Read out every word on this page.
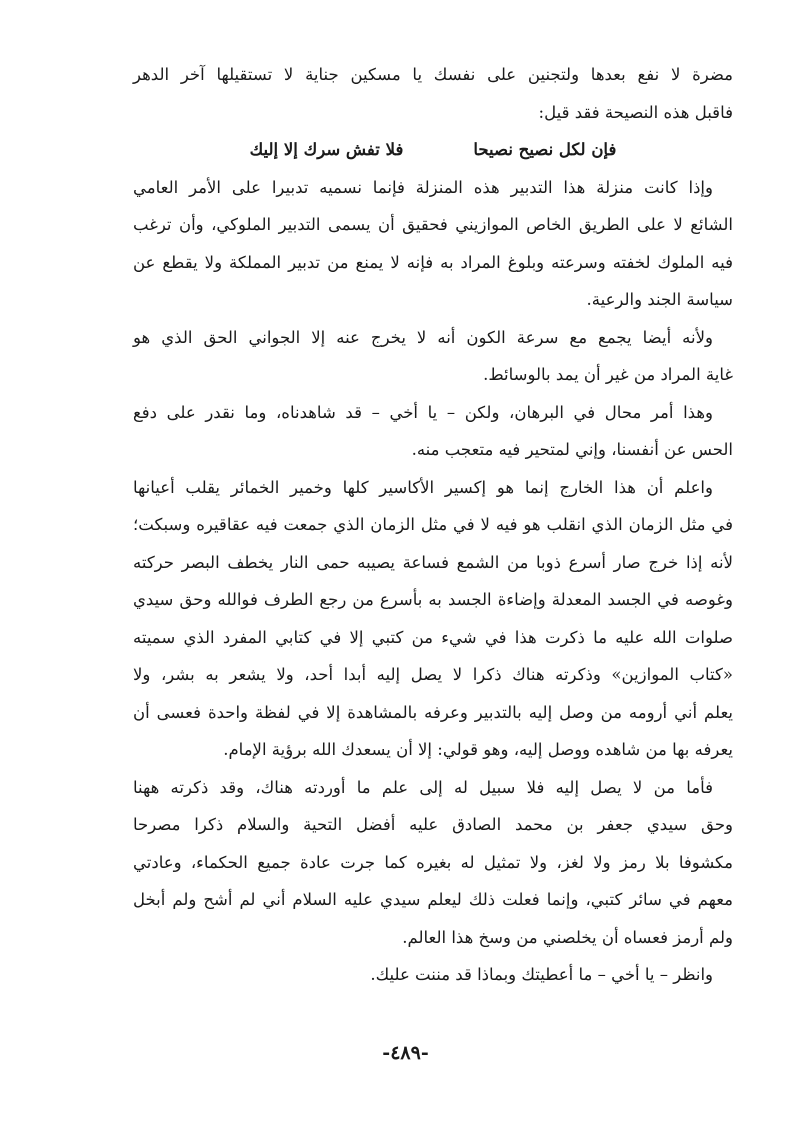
مضرة لا نفع بعدها ولتجنين على نفسك يا مسكين جناية لا تستقيلها آخر الدهر
فاقبل هذه النصيحة فقد قيل:
فإن لكل نصيح نصيحا
فلا تفش سرك إلا إليك
وإذا كانت منزلة هذا التدبير هذه المنزلة فإنما نسميه تدبيرا على الأمر العامي
الشائع لا على الطريق الخاص الموازيني فحقيق أن يسمى التدبير الملوكي، وأن ترغب
فيه الملوك لخفته وسرعته وبلوغ المراد به فإنه لا يمنع من تدبير المملكة ولا يقطع عن
سياسة الجند والرعية.
ولأنه أيضا يجمع مع سرعة الكون أنه لا يخرج عنه إلا الجواني الحق الذي هو
غاية المراد من غير أن يمد بالوسائط.
وهذا أمر محال في البرهان، ولكن – يا أخي – قد شاهدناه، وما نقدر على دفع
الحس عن أنفسنا، وإني لمتحير فيه متعجب منه.
واعلم أن هذا الخارج إنما هو إكسير الأكاسير كلها وخمير الخمائر يقلب أعيانها
في مثل الزمان الذي انقلب هو فيه لا في مثل الزمان الذي جمعت فيه عقاقيره وسبكت؛
لأنه إذا خرج صار أسرع ذوبا من الشمع فساعة يصيبه حمى النار يخطف البصر حركته
وغوصه في الجسد المعدلة وإضاءة الجسد به بأسرع من رجع الطرف فوالله وحق سيدي
صلوات الله عليه ما ذكرت هذا في شيء من كتبي إلا في كتابي المفرد الذي سميته
«كتاب الموازين» وذكرته هناك ذكرا لا يصل إليه أبدا أحد، ولا يشعر به بشر، ولا
يعلم أني أرومه من وصل إليه بالتدبير وعرفه بالمشاهدة إلا في لفظة واحدة فعسى أن
يعرفه بها من شاهده ووصل إليه، وهو قولي: إلا أن يسعدك الله برؤية الإمام.
فأما من لا يصل إليه فلا سبيل له إلى علم ما أوردته هناك، وقد ذكرته ههنا
وحق سيدي جعفر بن محمد الصادق عليه أفضل التحية والسلام ذكرا مصرحا
مكشوفا بلا رمز ولا لغز، ولا تمثيل له بغيره كما جرت عادة جميع الحكماء، وعادتي
معهم في سائر كتبي، وإنما فعلت ذلك ليعلم سيدي عليه السلام أني لم أشح ولم أبخل
ولم أرمز فعساه أن يخلصني من وسخ هذا العالم.
وانظر – يا أخي – ما أعطيتك وبماذا قد مننت عليك.
-٤٨٩-
